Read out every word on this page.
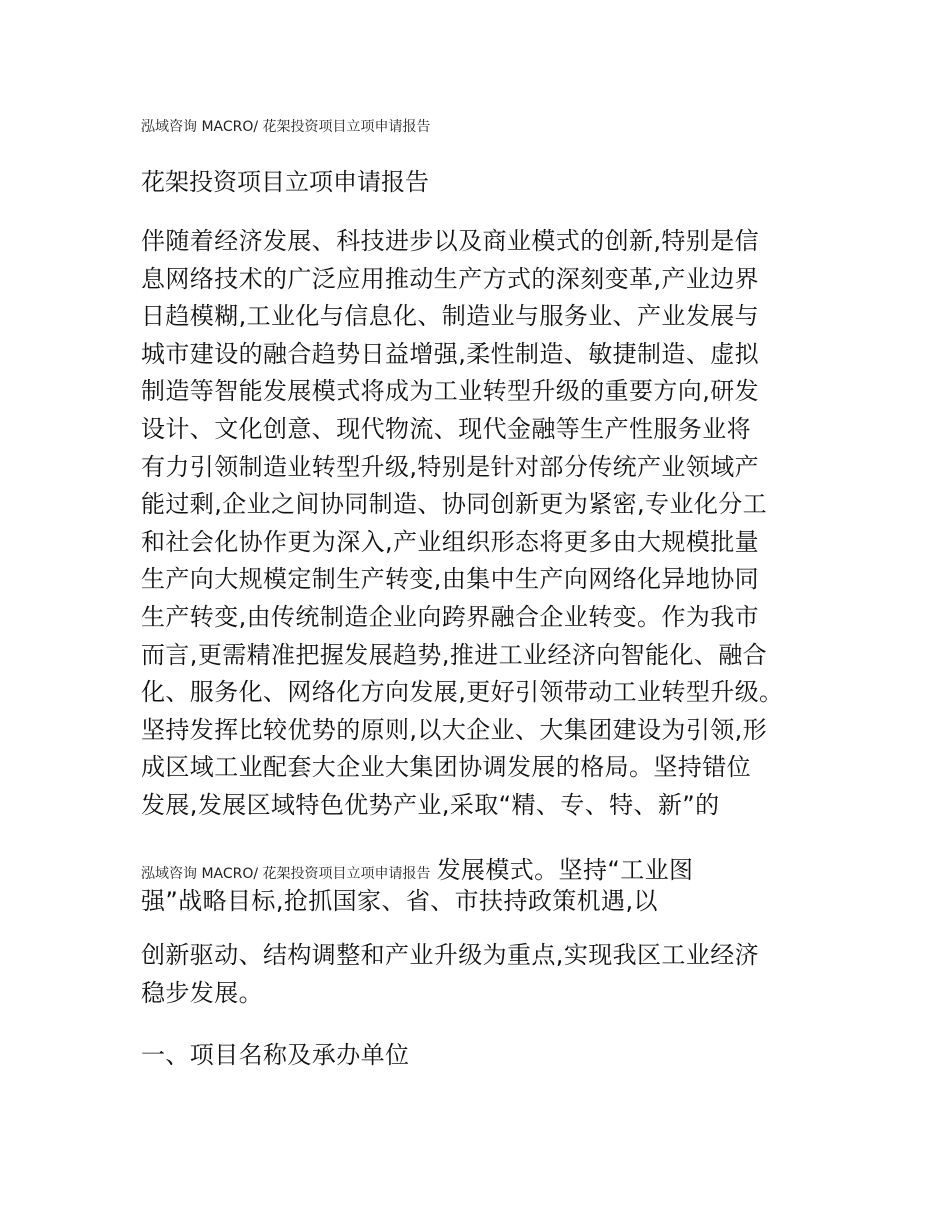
泓域咨询 MACRO/ 花架投资项目立项申请报告
花架投资项目立项申请报告
伴随着经济发展、科技进步以及商业模式的创新,特别是信
息网络技术的广泛应用推动生产方式的深刻变革,产业边界
日趋模糊,工业化与信息化、制造业与服务业、产业发展与
城市建设的融合趋势日益增强,柔性制造、敏捷制造、虚拟
制造等智能发展模式将成为工业转型升级的重要方向,研发
设计、文化创意、现代物流、现代金融等生产性服务业将
有力引领制造业转型升级,特别是针对部分传统产业领域产
能过剩,企业之间协同制造、协同创新更为紧密,专业化分工
和社会化协作更为深入,产业组织形态将更多由大规模批量
生产向大规模定制生产转变,由集中生产向网络化异地协同
生产转变,由传统制造企业向跨界融合企业转变。作为我市
而言,更需精准把握发展趋势,推进工业经济向智能化、融合
化、服务化、网络化方向发展,更好引领带动工业转型升级。
坚持发挥比较优势的原则,以大企业、大集团建设为引领,形
成区域工业配套大企业大集团协调发展的格局。坚持错位
发展,发展区域特色优势产业,采取“精、专、特、新”的
泓域咨询 MACRO/ 花架投资项目立项申请报告 发展模式。坚持“工业图
强”战略目标,抢抓国家、省、市扶持政策机遇,以
创新驱动、结构调整和产业升级为重点,实现我区工业经济
稳步发展。
一、项目名称及承办单位
